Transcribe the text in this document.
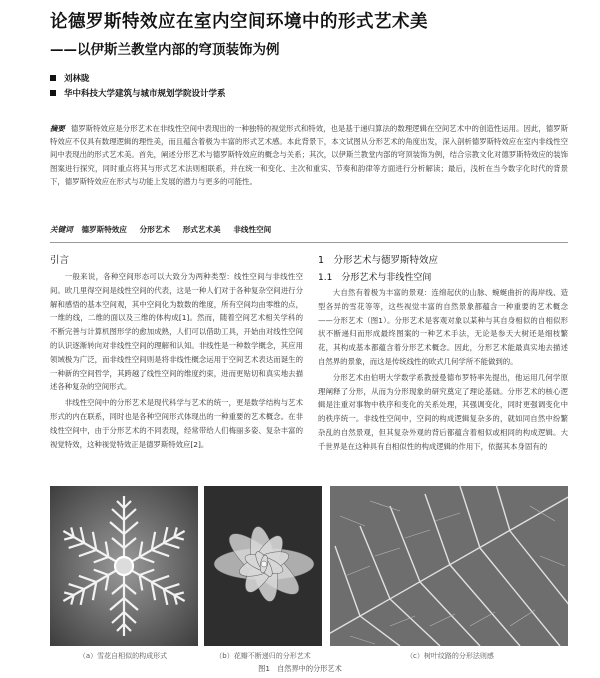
论德罗斯特效应在室内空间环境中的形式艺术美
——以伊斯兰教堂内部的穹顶装饰为例
刘林陇
华中科技大学建筑与城市规划学院设计学系
摘要 德罗斯特效应是分形艺术在非线性空间中表现出的一种独特的视觉形式和特效，也是基于递归算法的数理逻辑在空间艺术中的创造性运用。因此，德罗斯特效应不仅具有数理逻辑的理性美，而且蕴含着极为丰富的形式艺术感。本此背景下，本文试图从分形艺术的角度出发，深入剖析德罗斯特效应在室内非线性空间中表现出的形式艺术美。首先，阐述分形艺术与德罗斯特效应的概念与关系；其次，以伊斯兰教堂内部的穹顶装饰为例，结合宗教文化对德罗斯特效应的装饰图案进行探究，同时重点将其与形式艺术法则相联系，并在统一和变化、主次和重实、节奏和韵律等方面进行分析解读；最后，浅析在当今数字化时代的背景下，德罗斯特效应在形式与功能上发展的潜力与更多的可能性。
关键词 德罗斯特效应 分形艺术 形式艺术美 非线性空间
引言

一般来说，各种空间形态可以大致分为两种类型：线性空间与非线性空间。欧几里得空间是线性空间的代表，这是一种人们对于各种复杂空间进行分解和感悟的基本空间观，其中空间化为数数的维度，所有空间均由零维的点，一维的线，二维的面以及三维的体构成[1]。然而，随着空间艺术相关学科的不断完善与计算机图形学的愈加成熟，人们可以借助工具，开始由对线性空间的认识逐渐转向对非线性空间的理解和认知。非线性是一种数学概念，其应用领域极为广泛，而非线性空间则是将非线性概念运用于空间艺术表达而诞生的一种新的空间哲学，其跨越了线性空间的维度约束，进而更贴切和真实地去描述各种复杂的空间形式。

非线性空间中的分形艺术是现代科学与艺术的统一，更是数学结构与艺术形式的内在联系，同时也是各种空间形式体现出的一种重要的艺术概念。在非线性空间中，由于分形艺术的不同表现，经常带给人们梅丽多姿、复杂丰富的视觉特效，这种视觉特效正是德罗斯特效应[2]。

1　分形艺术与德罗斯特效应
1.1　分形艺术与非线性空间

大自然有着极为丰富的景观：连绵起伏的山脉、蜿蜒曲折的海岸线、造型各异的雪花等等，这些视觉丰富的自然景象都蕴含一种重要的艺术概念——分形艺术（图1）。分形艺术是客观对象以某种与其自身相似的自相似形状不断递归而形成最终图案的一种艺术手法，无论是参天大树还是细枝繁花，其构成基本都蕴含着分形艺术概念。因此，分形艺术能最真实地去描述自然界的景象，而这是传统线性的欧式几何学所不能做到的。

分形艺术由伯明大学数学系教授曼德布罗特率先提出，他运用几何学原理阐释了分形，从而为分形现象的研究奠定了理论基础。分形艺术的核心逻辑是注重对事物中秩序和变化的关系处理，其强调变化，同时更强调变化中的秩序统一。非线性空间中，空间的构成逻辑复杂多的，就如同自然中纷繁杂乱的自然景观，但其复杂外观的背后都蕴含着相似或相同的构成逻辑。大千世界是在这种具有自相似性的构成逻辑的作用下，依据其本身固有的

（a）雪花自相似的构成形式	（b）花瓣不断递归的分形艺术	（c）树叶纹路的分形法则感
图1　自然界中的分形艺术
